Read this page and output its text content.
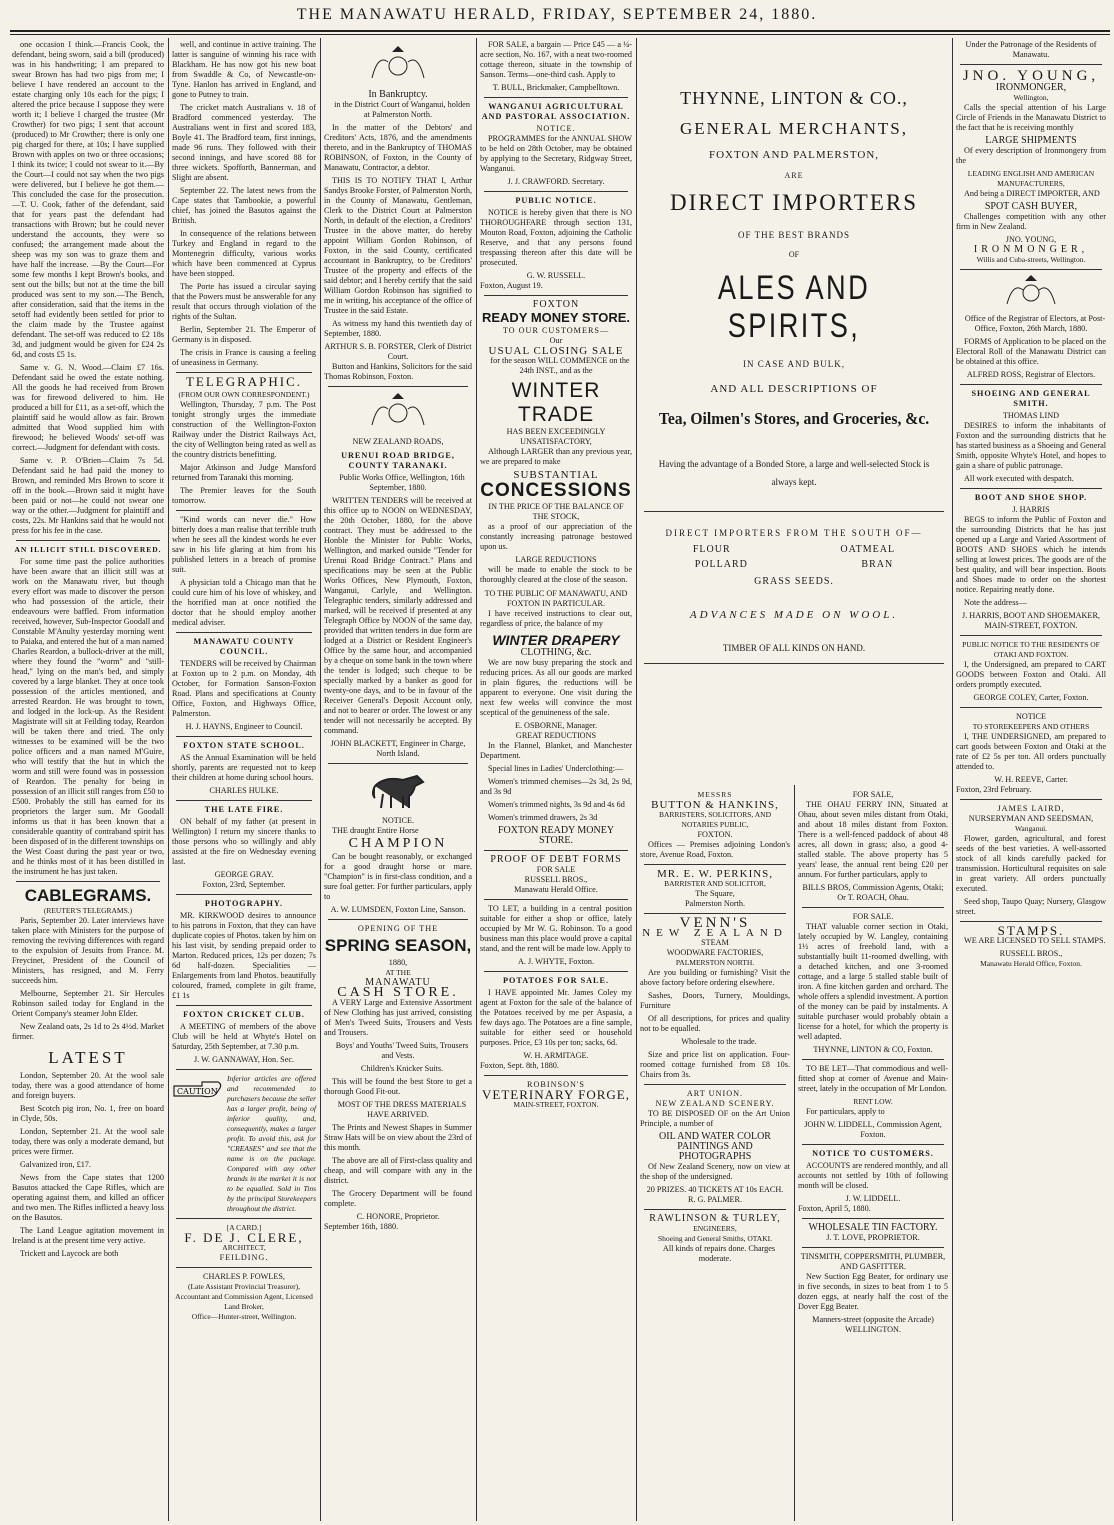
THE MANAWATU HERALD, FRIDAY, SEPTEMBER 24, 1880.

one occasion I think.—Francis Cook, the defendant, being sworn, said a bill (produced) was in his handwriting; I am prepared to swear Brown has had two pigs from me; I believe I have rendered an account to the estate charging only 10s each for the pigs; I altered the price because I suppose they were worth it; I believe I charged the trustee (Mr Crowther) for two pigs; I sent that account (produced) to Mr Crowther; there is only one pig charged for there, at 10s; I have supplied Brown with apples on two or three occasions; I think its twice; I could not swear to it.—By the Court—I could not say when the two pigs were delivered, but I believe he got them.—This concluded the case for the prosecution. —T. U. Cook, father of the defendant, said that for years past the defendant had transactions with Brown; but he could never understand the accounts, they were so confused; the arrangement made about the sheep was my son was to graze them and have half the increase. —By the Court—For some few months I kept Brown's books, and sent out the bills; but not at the time the bill produced was sent to my son.—The Bench, after consideration, said that the items in the setoff had evidently been settled for prior to the claim made by the Trustee against defendant. The set-off was reduced to £2 18s 3d, and judgment would be given for £24 2s 6d, and costs £5 1s.

Same v. G. N. Wood.—Claim £7 16s. Defendant said he owed the estate nothing. All the goods he had received from Brown was for firewood delivered to him. He produced a bill for £11, as a set-off, which the plaintiff said he would allow as fair. Brown admitted that Wood supplied him with firewood; he believed Woods' set-off was correct.—Judgment for defendant with costs.

Same v. P. O'Brien—Claim 7s 5d. Defendant said he had paid the money to Brown, and reminded Mrs Brown to score it off in the book.—Brown said it might have been paid or not—he could not swear one way or the other.—Judgment for plaintiff and costs, 22s. Mr Hankins said that he would not press for his fee in the case.

AN ILLICIT STILL DISCOVERED.

For some time past the police authorities have been aware that an illicit still was at work on the Manawatu river, but though every effort was made to discover the person who had possession of the article, their endeavours were baffled. From information received, however, Sub-Inspector Goodall and Constable M'Anulty yesterday morning went to Paiaka, and entered the hut of a man named Charles Reardon, a bullock-driver at the mill, where they found the "worm" and "still-head," lying on the man's bed, and simply covered by a large blanket. They at once took possession of the articles mentioned, and arrested Reardon. He was brought to town, and lodged in the lock-up. As the Resident Magistrate will sit at Feilding today, Reardon will be taken there and tried. The only witnesses to be examined will be the two police officers and a man named M'Guire, who will testify that the hut in which the worm and still were found was in possession of Reardon. The penalty for being in possession of an illicit still ranges from £50 to £500. Probably the still has earned for its proprietors the larger sum. Mr Goodall informs us that it has been known that a considerable quantity of contraband spirit has been disposed of in the different townships on the West Coast during the past year or two, and he thinks most of it has been distilled in the instrument he has just taken.

CABLEGRAMS.
(REUTER'S TELEGRAMS.)

Paris, September 20. Later interviews have taken place with Ministers for the purpose of removing the reviving differences with regard to the expulsion of Jesuits from France. M. Freycinet, President of the Council of Ministers, has resigned, and M. Ferry succeeds him.

Melbourne, September 21. Sir Hercules Robinson sailed today for England in the Orient Company's steamer John Elder.

New Zealand oats, 2s 1d to 2s 4½d. Market firmer.

LATEST

London, September 20. At the wool sale today, there was a good attendance of home and foreign buyers.

Best Scotch pig iron, No. 1, free on board in Clyde, 50s.

London, September 21. At the wool sale today, there was only a moderate demand, but prices were firmer.

Galvanized iron, £17.

News from the Cape states that 1200 Basutos attacked the Cape Rifles, which are operating against them, and killed an officer and two men. The Rifles inflicted a heavy loss on the Basutos.

The Land League agitation movement in Ireland is at the present time very active.

Trickett and Laycock are both

well, and continue in active training. The latter is sanguine of winning his race with Blackham. He has now got his new boat from Swaddle & Co, of Newcastle-on-Tyne. Hanlon has arrived in England, and gone to Putney to train.

The cricket match Australians v. 18 of Bradford commenced yesterday. The Australians went in first and scored 183, Boyle 41. The Bradford team, first innings, made 96 runs. They followed with their second innings, and have scored 88 for three wickets. Spofforth, Bannerman, and Slight are absent.

September 22. The latest news from the Cape states that Tambookie, a powerful chief, has joined the Basutos against the British.

In consequence of the relations between Turkey and England in regard to the Montenegrin difficulty, various works which have been commenced at Cyprus have been stopped.

The Porte has issued a circular saying that the Powers must be answerable for any result that occurs through violation of the rights of the Sultan.

Berlin, September 21. The Emperor of Germany is in disposed.

The crisis in France is causing a feeling of uneasiness in Germany.

TELEGRAPHIC.
(FROM OUR OWN CORRESPONDENT.)

Wellington, Thursday, 7 p.m. The Post tonight strongly urges the immediate construction of the Wellington-Foxton Railway under the District Railways Act, the city of Wellington being rated as well as the country districts benefitting.

Major Atkinson and Judge Mansford returned from Taranaki this morning.

The Premier leaves for the South tomorrow.

"Kind words can never die." How bitterly does a man realise that terrible truth when he sees all the kindest words he ever saw in his life glaring at him from his published letters in a breach of promise suit.

A physician told a Chicago man that he could cure him of his love of whiskey, and the horrified man at once notified the doctor that he should employ another medical adviser.

MANAWATU COUNTY COUNCIL.

TENDERS will be received by Chairman at Foxton up to 2 p.m. on Monday, 4th October, for Formation Sanson-Foxton Road. Plans and specifications at County Office, Foxton, and Highways Office, Palmerston.

H. J. HAYNS, Engineer to Council.
FOXTON STATE SCHOOL.

AS the Annual Examination will be held shortly, parents are requested not to keep their children at home during school hours.

CHARLES HULKE.
THE LATE FIRE.

ON behalf of my father (at present in Wellington) I return my sincere thanks to those persons who so willingly and ably assisted at the fire on Wednesday evening last.

GEORGE GRAY.
Foxton, 23rd, September.
PHOTOGRAPHY.

MR. KIRKWOOD desires to announce to his patrons in Foxton, that they can have duplicate copies of Photos. taken by him on his last visit, by sending prepaid order to Marton. Reduced prices, 12s per dozen; 7s 6d half-dozen. Specialities — Enlargements from land Photos. beautifully coloured, framed, complete in gilt frame, £1 1s

FOXTON CRICKET CLUB.

A MEETING of members of the above Club will be held at Whyte's Hotel on Saturday, 25th September, at 7.30 p.m.

J. W. GANNAWAY, Hon. Sec.
CAUTION
Inferior articles are offered and recommended to purchasers because the seller has a larger profit, being of inferior quality, and, consequently, makes a larger profit. To avoid this, ask for "CREASES" and see that the name is on the package. Compared with any other brands in the market it is not to be equalled. Sold in Tins by the principal Storekeepers throughout the district.
[A CARD.]
F. DE J. CLERE,
ARCHITECT,
FEILDING.
CHARLES P. FOWLES,
(Late Assistant Provincial Treasurer), Accountant and Commission Agent, Licensed Land Broker,
Office—Hunter-street, Wellington.
In Bankruptcy.

in the District Court of Wanganui, holden at Palmerston North.

In the matter of the Debtors' and Creditors' Acts, 1876, and the amendments thereto, and in the Bankruptcy of THOMAS ROBINSON, of Foxton, in the County of Manawatu, Contractor, a debtor.

THIS IS TO NOTIFY THAT I, Arthur Sandys Brooke Forster, of Palmerston North, in the County of Manawatu, Gentleman, Clerk to the District Court at Palmerston North, in default of the election, a Creditors' Trustee in the above matter, do hereby appoint William Gordon Robinson, of Foxton, in the said County, certificated accountant in Bankruptcy, to be Creditors' Trustee of the property and effects of the said debtor; and I hereby certify that the said William Gordon Robinson has signified to me in writing, his acceptance of the office of Trustee in the said Estate.

As witness my hand this twentieth day of September, 1880.

ARTHUR S. B. FORSTER, Clerk of District Court.

Button and Hankins, Solicitors for the said Thomas Robinson, Foxton.

NEW ZEALAND ROADS,
URENUI ROAD BRIDGE, COUNTY TARANAKI.

Public Works Office, Wellington, 16th September, 1880.

WRITTEN TENDERS will be received at this office up to NOON on WEDNESDAY, the 20th October, 1880, for the above contract. They must be addressed to the Honble the Minister for Public Works, Wellington, and marked outside "Tender for Urenui Road Bridge Contract." Plans and specifications may be seen at the Public Works Offices, New Plymouth, Foxton, Wanganui, Carlyle, and Wellington. Telegraphic tenders, similarly addressed and marked, will be received if presented at any Telegraph Office by NOON of the same day, provided that written tenders in due form are lodged at a District or Resident Engineer's Office by the same hour, and accompanied by a cheque on some bank in the town where the tender is lodged; such cheque to be specially marked by a banker as good for twenty-one days, and to be in favour of the Receiver General's Deposit Account only, and not to bearer or order. The lowest or any tender will not necessarily be accepted. By command.

JOHN BLACKETT, Engineer in Charge, North Island.
NOTICE.

THE draught Entire Horse

CHAMPION

Can be bought reasonably, or exchanged for a good draught horse or mare. "Champion" is in first-class condition, and a sure foal getter. For further particulars, apply to

A. W. LUMSDEN, Foxton Line, Sanson.
OPENING OF THE
SPRING SEASON,
1880,
AT THE
MANAWATU
CASH STORE.

A VERY Large and Extensive Assortment of New Clothing has just arrived, consisting of Men's Tweed Suits, Trousers and Vests and Trousers.

Boys' and Youths' Tweed Suits, Trousers and Vests.

Children's Knicker Suits.

This will be found the best Store to get a thorough Good Fit-out.

MOST OF THE DRESS MATERIALS HAVE ARRIVED.

The Prints and Newest Shapes in Summer Straw Hats will be on view about the 23rd of this month.

The above are all of First-class quality and cheap, and will compare with any in the district.

The Grocery Department will be found complete.

C. HONORE, Proprietor.
September 16th, 1880.

FOR SALE, a bargain — Price £45 — a ¼-acre section, No. 167, with a neat two-roomed cottage thereon, situate in the township of Sanson. Terms—one-third cash. Apply to

T. BULL, Brickmaker, Campbelltown.
WANGANUI AGRICULTURAL AND PASTORAL ASSOCIATION.
NOTICE.

PROGRAMMES for the ANNUAL SHOW to be held on 28th October, may be obtained by applying to the Secretary, Ridgway Street, Wanganui.

J. J. CRAWFORD. Secretary.
PUBLIC NOTICE.

NOTICE is hereby given that there is NO THOROUGHFARE through section 131, Mouton Road, Foxton, adjoining the Catholic Reserve, and that any persons found trespassing thereon after this date will be prosecuted.

G. W. RUSSELL.
Foxton, August 19.
FOXTON
READY MONEY STORE.
TO OUR CUSTOMERS—
Our
USUAL CLOSING SALE

for the season WILL COMMENCE on the 24th INST., and as the

WINTER TRADE
HAS BEEN EXCEEDINGLY UNSATISFACTORY,

Although LARGER than any previous year, we are prepared to make

SUBSTANTIAL
CONCESSIONS
IN THE PRICE OF THE BALANCE OF THE STOCK,

as a proof of our appreciation of the constantly increasing patronage bestowed upon us.

LARGE REDUCTIONS

will be made to enable the stock to be thoroughly cleared at the close of the season.

TO THE PUBLIC OF MANAWATU, AND FOXTON IN PARTICULAR.

I have received instructions to clear out, regardless of price, the balance of my

WINTER DRAPERY
CLOTHING, &c.

We are now busy preparing the stock and reducing prices. As all our goods are marked in plain figures, the reductions will be apparent to everyone. One visit during the next few weeks will convince the most sceptical of the genuineness of the sale.

E. OSBORNE, Manager.
GREAT REDUCTIONS

In the Flannel, Blanket, and Manchester Department.

Special lines in Ladies' Underclothing:—

Women's trimmed chemises—2s 3d, 2s 9d, and 3s 9d

Women's trimmed nights, 3s 9d and 4s 6d

Women's trimmed drawers, 2s 3d

FOXTON READY MONEY STORE.
PROOF OF DEBT FORMS
FOR SALE
RUSSELL BROS.,
Manawatu Herald Office.

TO LET, a building in a central position suitable for either a shop or office, lately occupied by Mr W. G. Robinson. To a good business man this place would prove a capital stand, and the rent will be made low. Apply to

A. J. WHYTE, Foxton.
POTATOES FOR SALE.

I HAVE appointed Mr. James Coley my agent at Foxton for the sale of the balance of the Potatoes received by me per Aspasia, a few days ago. The Potatoes are a fine sample, suitable for either seed or household purposes. Price, £3 10s per ton; sacks, 6d.

W. H. ARMITAGE.
Foxton, Sept. 8th, 1880.
ROBINSON'S
VETERINARY FORGE,
MAIN-STREET, FOXTON.
THYNNE, LINTON & CO.,
GENERAL MERCHANTS,
FOXTON AND PALMERSTON,
ARE
DIRECT IMPORTERS
OF THE BEST BRANDS
OF
ALES AND SPIRITS,
IN CASE AND BULK,
AND ALL DESCRIPTIONS OF
Tea, Oilmen's Stores, and Groceries, &c.
Having the advantage of a Bonded Store, a large and well-selected Stock is always kept.
DIRECT IMPORTERS FROM THE SOUTH OF—
FLOUR	OATMEAL
POLLARD	BRAN
GRASS SEEDS.
ADVANCES MADE ON WOOL.
TIMBER OF ALL KINDS ON HAND.
MESSRS
BUTTON & HANKINS,
BARRISTERS, SOLICITORS, AND NOTARIES PUBLIC,
FOXTON.

Offices — Premises adjoining London's store, Avenue Road, Foxton.

MR. E. W. PERKINS,
BARRISTER AND SOLICITOR,
The Square,
Palmerston North.
VENN'S
NEW ZEALAND
STEAM
WOODWARE FACTORIES,
PALMERSTON NORTH.

Are you building or furnishing? Visit the above factory before ordering elsewhere.

Sashes, Doors, Turnery, Mouldings, Furniture

Of all descriptions, for prices and quality not to be equalled.

Wholesale to the trade.

Size and price list on application. Four-roomed cottage furnished from £8 10s. Chairs from 3s.

ART UNION.
NEW ZEALAND SCENERY.

TO BE DISPOSED OF on the Art Union Principle, a number of

OIL AND WATER COLOR PAINTINGS AND PHOTOGRAPHS

Of New Zealand Scenery, now on view at the shop of the undersigned.

20 PRIZES. 40 TICKETS AT 10s EACH.
R. G. PALMER.
RAWLINSON & TURLEY,
ENGINEERS,
Shoeing and General Smiths, OTAKI.

All kinds of repairs done. Charges moderate.

FOR SALE,

THE OHAU FERRY INN, Situated at Ohau, about seven miles distant from Otaki, and about 18 miles distant from Foxton. There is a well-fenced paddock of about 48 acres, all down in grass; also, a good 4-stalled stable. The above property has 5 years' lease, the annual rent being £20 per annum. For further particulars, apply to

BILLS BROS, Commission Agents, Otaki; Or T. ROACH, Ohau.
FOR SALE.

THAT valuable corner section in Otaki, lately occupied by W. Langley, containing 1½ acres of freehold land, with a substantially built 11-roomed dwelling, with a detached kitchen, and one 3-roomed cottage, and a large 5 stalled stable built of iron. A fine kitchen garden and orchard. The whole offers a splendid investment. A portion of the money can be paid by instalments. A suitable purchaser would probably obtain a license for a hotel, for which the property is well adapted.

THYNNE, LINTON & CO, Foxton.

TO BE LET—That commodious and well-fitted shop at corner of Avenue and Main-street, lately in the occupation of Mr London.

RENT LOW.

For particulars, apply to

JOHN W. LIDDELL, Commission Agent, Foxton.
NOTICE TO CUSTOMERS.

ACCOUNTS are rendered monthly, and all accounts not settled by 10th of following month will be closed.

J. W. LIDDELL.
Foxton, April 5, 1880.
WHOLESALE TIN FACTORY.
J. T. LOVE, PROPRIETOR.
TINSMITH, COPPERSMITH, PLUMBER, AND GASFITTER.

New Suction Egg Beater, for ordinary use in five seconds, in sizes to beat from 1 to 5 dozen eggs, at nearly half the cost of the Dover Egg Beater.

Manners-street (opposite the Arcade) WELLINGTON.
Under the Patronage of the Residents of Manawatu.
JNO. YOUNG,
IRONMONGER,
Wellington,

Calls the special attention of his Large Circle of Friends in the Manawatu District to the fact that he is receiving monthly

LARGE SHIPMENTS

Of every description of Ironmongery from the

LEADING ENGLISH AND AMERICAN MANUFACTURERS,

And being a DIRECT IMPORTER, AND

SPOT CASH BUYER,

Challenges competition with any other firm in New Zealand.

JNO. YOUNG,
IRONMONGER,
Willis and Cuba-streets, Wellington.

Office of the Registrar of Electors, at Post-Office, Foxton, 26th March, 1880.

FORMS of Application to be placed on the Electoral Roll of the Manawatu District can be obtained at this office.

ALFRED ROSS, Registrar of Electors.
SHOEING AND GENERAL SMITH.
THOMAS LIND

DESIRES to inform the inhabitants of Foxton and the surrounding districts that he has started business as a Shoeing and General Smith, opposite Whyte's Hotel, and hopes to gain a share of public patronage.

All work executed with despatch.

BOOT AND SHOE SHOP.
J. HARRIS

BEGS to inform the Public of Foxton and the surrounding Districts that he has just opened up a Large and Varied Assortment of BOOTS AND SHOES which he intends selling at lowest prices. The goods are of the best quality, and will bear inspection. Boots and Shoes made to order on the shortest notice. Repairing neatly done.

Note the address—

J. HARRIS, BOOT AND SHOEMAKER, MAIN-STREET, FOXTON.
PUBLIC NOTICE TO THE RESIDENTS OF OTAKI AND FOXTON.

I, the Undersigned, am prepared to CART GOODS between Foxton and Otaki. All orders promptly executed.

GEORGE COLEY, Carter, Foxton.
NOTICE
TO STOREKEEPERS AND OTHERS

I, THE UNDERSIGNED, am prepared to cart goods between Foxton and Otaki at the rate of £2 5s per ton. All orders punctually attended to.

W. H. REEVE, Carter.
Foxton, 23rd February.
JAMES LAIRD,
NURSERYMAN AND SEEDSMAN,
Wanganui.

Flower, garden, agricultural, and forest seeds of the best varieties. A well-assorted stock of all kinds carefully packed for transmission. Horticultural requisites on sale in great variety. All orders punctually executed.

Seed shop, Taupo Quay; Nursery, Glasgow street.

STAMPS.

WE ARE LICENSED TO SELL STAMPS.

RUSSELL BROS.,
Manawatu Herald Office, Foxton.
